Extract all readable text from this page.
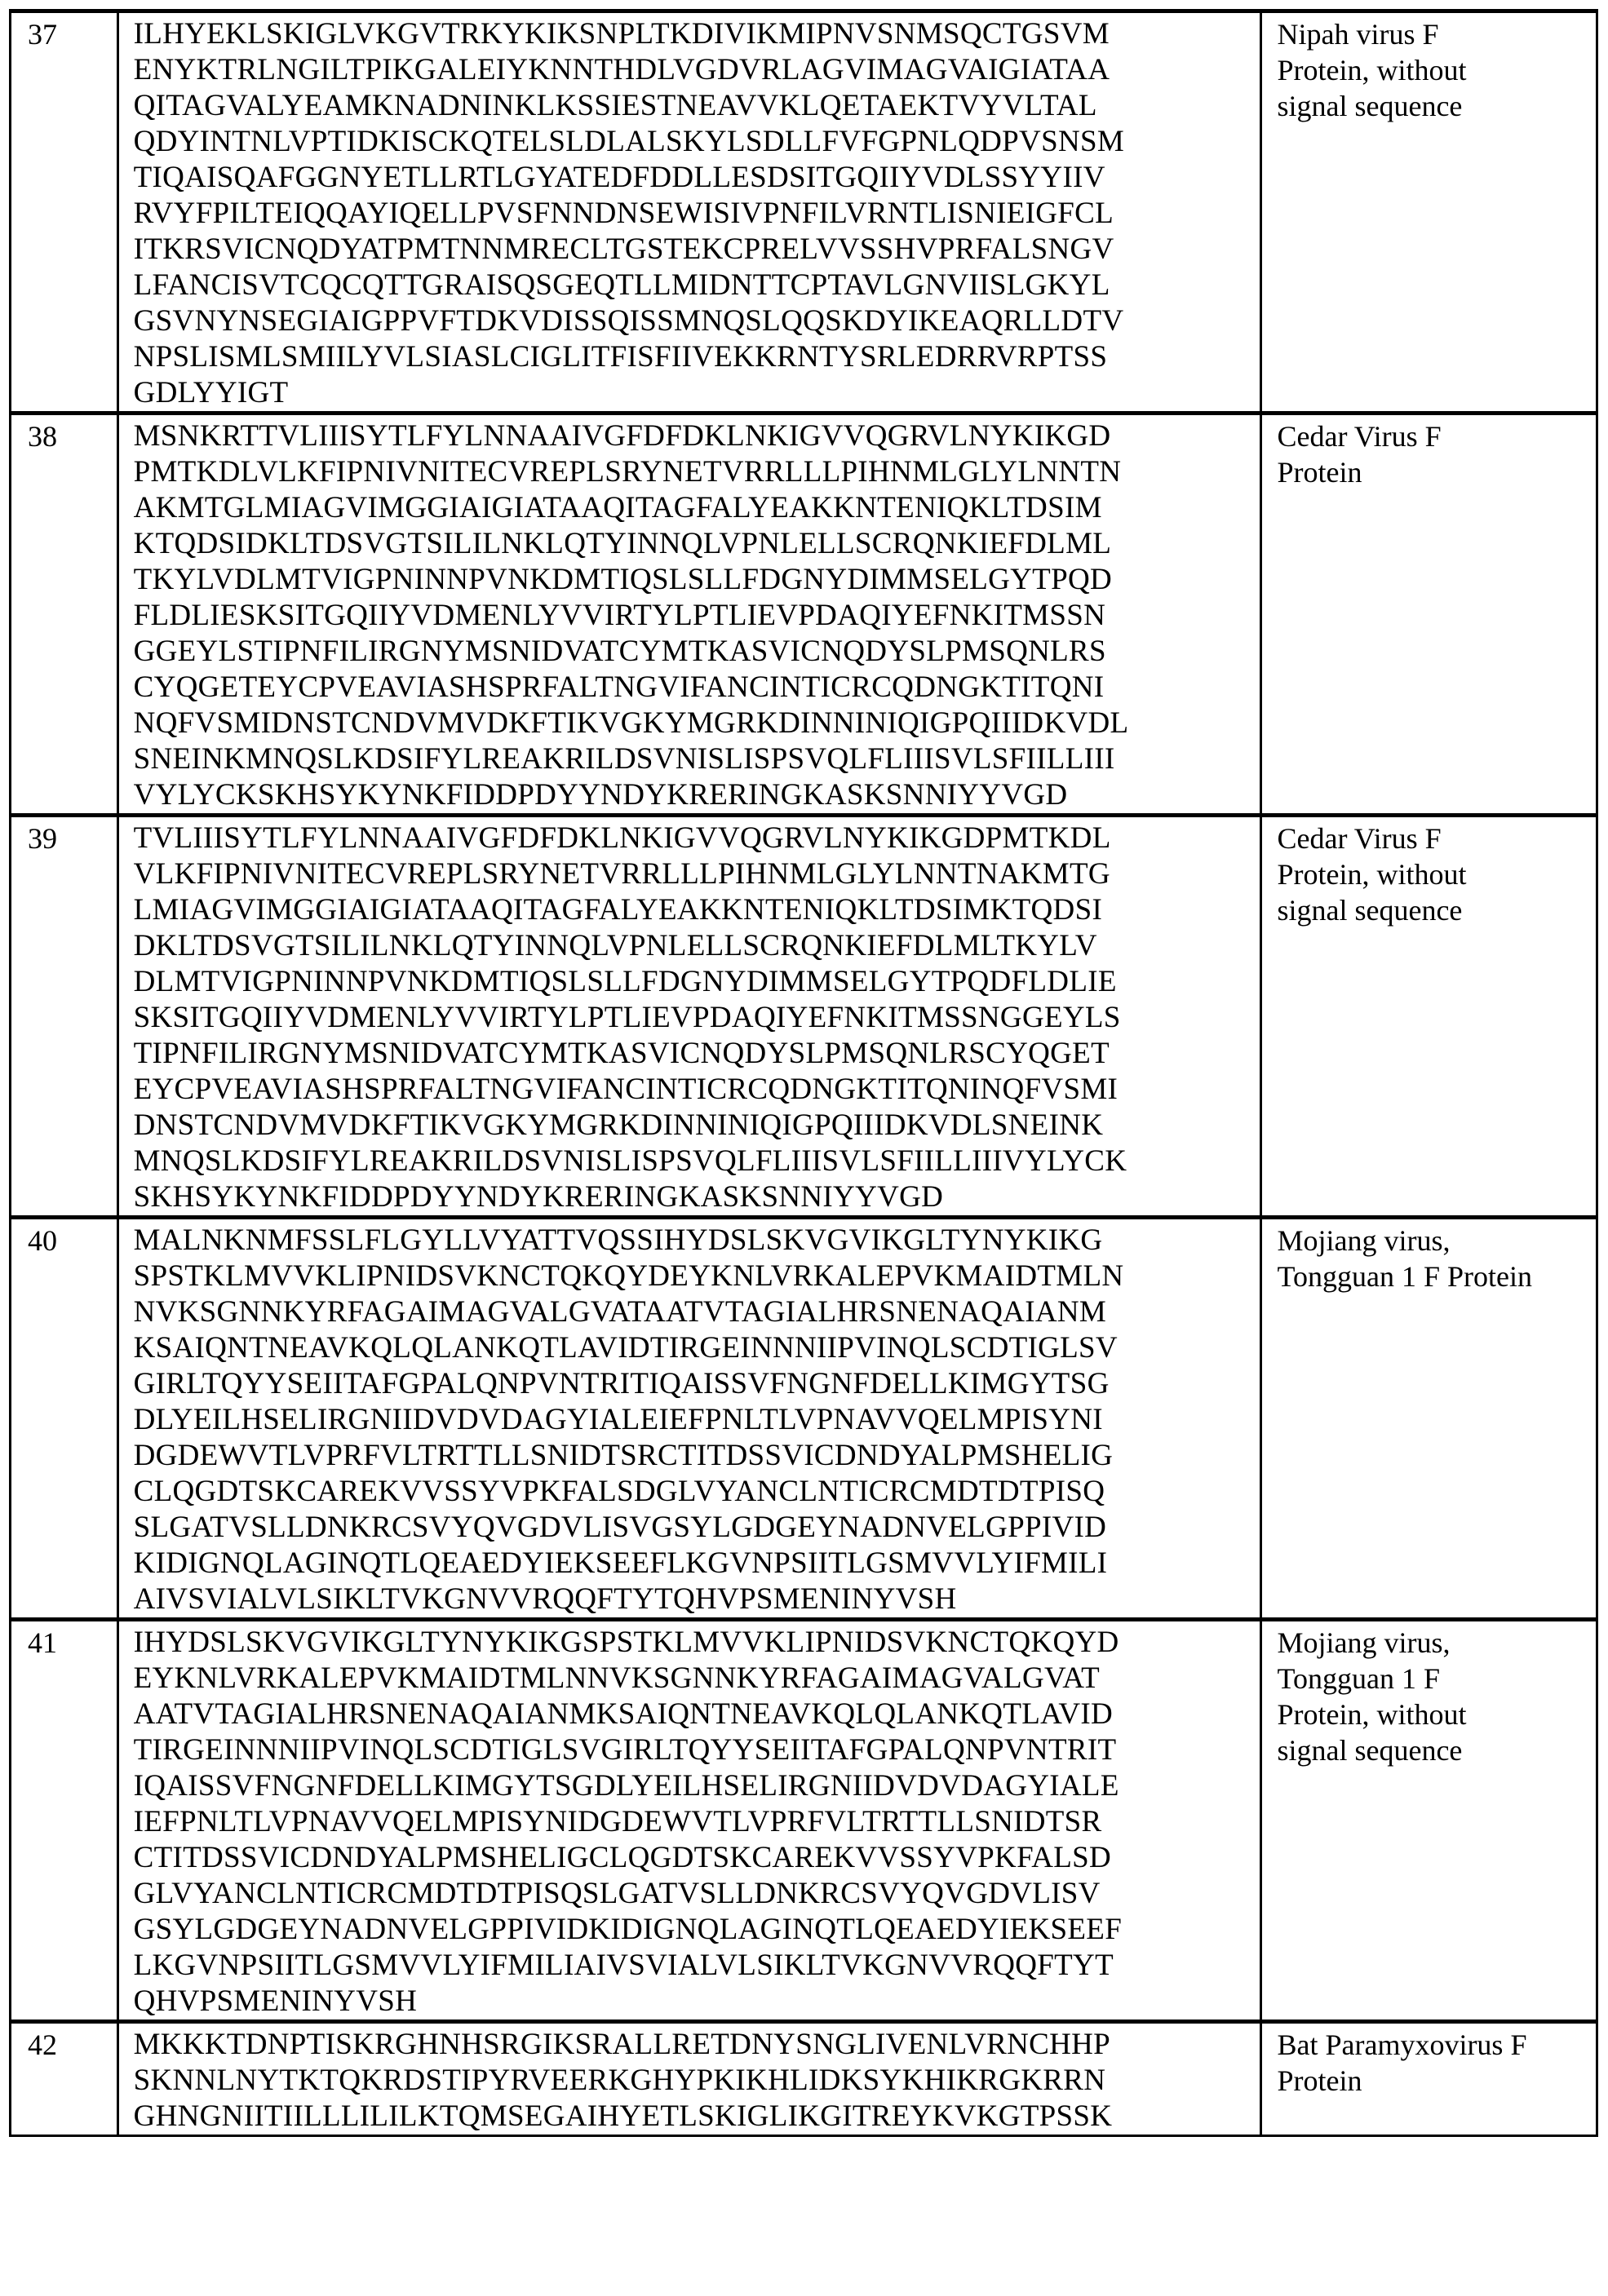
37	ILHYEKLSKIGLVKGVTRKYKIKSNPLTKDIVIKMIPNVSNMSQCTGSVM
ENYKTRLNGILTPIKGALEIYKNNTHDLVGDVRLAGVIMAGVAIGIATAA
QITAGVALYEAMKNADNINKLKSSIESTNEAVVKLQETAEKTVYVLTAL
QDYINTNLVPTIDKISCKQTELSLDLALSKYLSDLLFVFGPNLQDPVSNSM
TIQAISQAFGGNYETLLRTLGYATEDFDDLLESDSITGQIIYVDLSSYYIIV
RVYFPILTEIQQAYIQELLPVSFNNDNSEWISIVPNFILVRNTLISNIEIGFCL
ITKRSVICNQDYATPMTNNMRECLTGSTEKCPRELVVSSHVPRFALSNGV
LFANCISVTCQCQTTGRAISQSGEQTLLMIDNTTCPTAVLGNVIISLGKYL
GSVNYNSEGIAIGPPVFTDKVDISSQISSMNQSLQQSKDYIKEAQRLLDTV
NPSLISMLSMIILYVLSIASLCIGLITFISFIIVEKKRNTYSRLEDRRVRPTSS
GDLYYIGT

Nipah virus F
Protein, without
signal sequence

38	MSNKRTTVLIIISYTLFYLNNAAIVGFDFDKLNKIGVVQGRVLNYKIKGD
PMTKDLVLKFIPNIVNITECVREPLSRYNETVRRLLLPIHNMLGLYLNNTN
AKMTGLMIAGVIMGGIAIGIATAAQITAGFALYEAKKNTENIQKLTDSIM
KTQDSIDKLTDSVGTSILILNKLQTYINNQLVPNLELLSCRQNKIEFDLML
TKYLVDLMTVIGPNINNPVNKDMTIQSLSLLFDGNYDIMMSELGYTPQD
FLDLIESKSITGQIIYVDMENLYVVIRTYLPTLIEVPDAQIYEFNKITMSSN
GGEYLSTIPNFILIRGNYMSNIDVATCYMTKASVICNQDYSLPMSQNLRS
CYQGETEYCPVEAVIASHSPRFALTNGVIFANCINTICRCQDNGKTITQNI
NQFVSMIDNSTCNDVMVDKFTIKVGKYMGRKDINNINIQIGPQIIIDKVDL
SNEINKMNQSLKDSIFYLREAKRILDSVNISLISPSVQLFLIIISVLSFIILLIII
VYLYCKSKHSYKYNKFIDDPDYYNDYKRERINGKASKSNNIYYVGD

Cedar Virus F
Protein

39	TVLIIISYTLFYLNNAAIVGFDFDKLNKIGVVQGRVLNYKIKGDPMTKDL
VLKFIPNIVNITECVREPLSRYNETVRRLLLPIHNMLGLYLNNTNAKMTG
LMIAGVIMGGIAIGIATAAQITAGFALYEAKKNTENIQKLTDSIMKTQDSI
DKLTDSVGTSILILNKLQTYINNQLVPNLELLSCRQNKIEFDLMLTKYLV
DLMTVIGPNINNPVNKDMTIQSLSLLFDGNYDIMMSELGYTPQDFLDLIE
SKSITGQIIYVDMENLYVVIRTYLPTLIEVPDAQIYEFNKITMSSNGGEYLS
TIPNFILIRGNYMSNIDVATCYMTKASVICNQDYSLPMSQNLRSCYQGET
EYCPVEAVIASHSPRFALTNGVIFANCINTICRCQDNGKTITQNINQFVSMI
DNSTCNDVMVDKFTIKVGKYMGRKDINNINIQIGPQIIIDKVDLSNEINK
MNQSLKDSIFYLREAKRILDSVNISLISPSVQLFLIIISVLSFIILLIIIVYLYCK
SKHSYKYNKFIDDPDYYNDYKRERINGKASKSNNIYYVGD

Cedar Virus F
Protein, without
signal sequence

40	MALNKNMFSSLFLGYLLVYATTVQSSIHYDSLSKVGVIKGLTYNYKIKG
SPSTKLMVVKLIPNIDSVKNCTQKQYDEYKNLVRKALEPVKMAIDTMLN
NVKSGNNKYRFAGAIMAGVALGVATAATVTAGIALHRSNENAQAIANM
KSAIQNTNEAVKQLQLANKQTLAVIDTIRGEINNNIIPVINQLSCDTIGLSV
GIRLTQYYSEIITAFGPALQNPVNTRITIQAISSVFNGNFDELLKIMGYTSG
DLYEILHSELIRGNIIDVDVDAGYIALEIEFPNLTLVPNAVVQELMPISYNI
DGDEWVTLVPRFVLTRTTLLSNIDTSRCTITDSSVICDNDYALPMSHELIG
CLQGDTSKCAREKVVSSYVPKFALSDGLVYANCLNTICRCMDTDTPISQ
SLGATVSLLDNKRCSVYQVGDVLISVGSYLGDGEYNADNVELGPPIVID
KIDIGNQLAGINQTLQEAEDYIEKSEEFLKGVNPSIITLGSMVVLYIFMILI
AIVSVIALVLSIKLTVKGNVVRQQFTYTQHVPSMENINYVSH

Mojiang virus,
Tongguan 1 F Protein

41	IHYDSLSKVGVIKGLTYNYKIKGSPSTKLMVVKLIPNIDSVKNCTQKQYD
EYKNLVRKALEPVKMAIDTMLNNVKSGNNKYRFAGAIMAGVALGVAT
AATVTAGIALHRSNENAQAIANMKSAIQNTNEAVKQLQLANKQTLAVID
TIRGEINNNIIPVINQLSCDTIGLSVGIRLTQYYSEIITAFGPALQNPVNTRIT
IQAISSVFNGNFDELLKIMGYTSGDLYEILHSELIRGNIIDVDVDAGYIALE
IEFPNLTLVPNAVVQELMPISYNIDGDEWVTLVPRFVLTRTTLLSNIDTSR
CTITDSSVICDNDYALPMSHELIGCLQGDTSKCAREKVVSSYVPKFALSD
GLVYANCLNTICRCMDTDTPISQSLGATVSLLDNKRCSVYQVGDVLISV
GSYLGDGEYNADNVELGPPIVIDKIDIGNQLAGINQTLQEAEDYIEKSEEF
LKGVNPSIITLGSMVVLYIFMILIAIVSVIALVLSIKLTVKGNVVRQQFTYT
QHVPSMENINYVSH

Mojiang virus,
Tongguan 1 F
Protein, without
signal sequence

42	MKKKTDNPTISKRGHNHSRGIKSRALLRETDNYSNGLIVENLVRNCHHP
SKNNLNYTKTQKRDSTIPYRVEERKGHYPKIKHLIDKSYKHIKRGKRRN
GHNGNIITIILLLILILKTQMSEGAIHYETLSKIGLIKGITREYKVKGTPSSK	Bat Paramyxovirus F
Protein
